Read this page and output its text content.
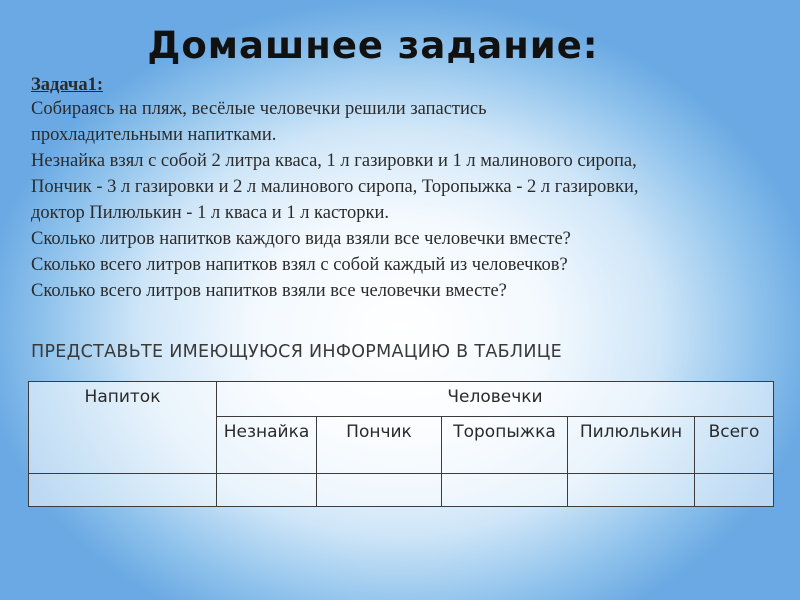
Домашнее задание:
Задача1:
Собираясь на пляж, весёлые человечки решили запастись
прохладительными напитками.
Незнайка взял с собой 2 литра кваса, 1 л газировки и 1 л малинового сиропа,
Пончик - 3 л газировки и 2 л малинового сиропа, Торопыжка - 2 л газировки,
доктор Пилюлькин - 1 л кваса и 1 л касторки.
Сколько литров напитков каждого вида взяли все человечки вместе?
Сколько всего литров напитков взял с собой каждый из человечков?
Сколько всего литров напитков взяли все человечки вместе?
ПРЕДСТАВЬТЕ ИМЕЮЩУЮСЯ ИНФОРМАЦИЮ В ТАБЛИЦЕ
Напиток	Человечки				
	Незнайка	Пончик	Торопыжка	Пилюлькин	Всего
